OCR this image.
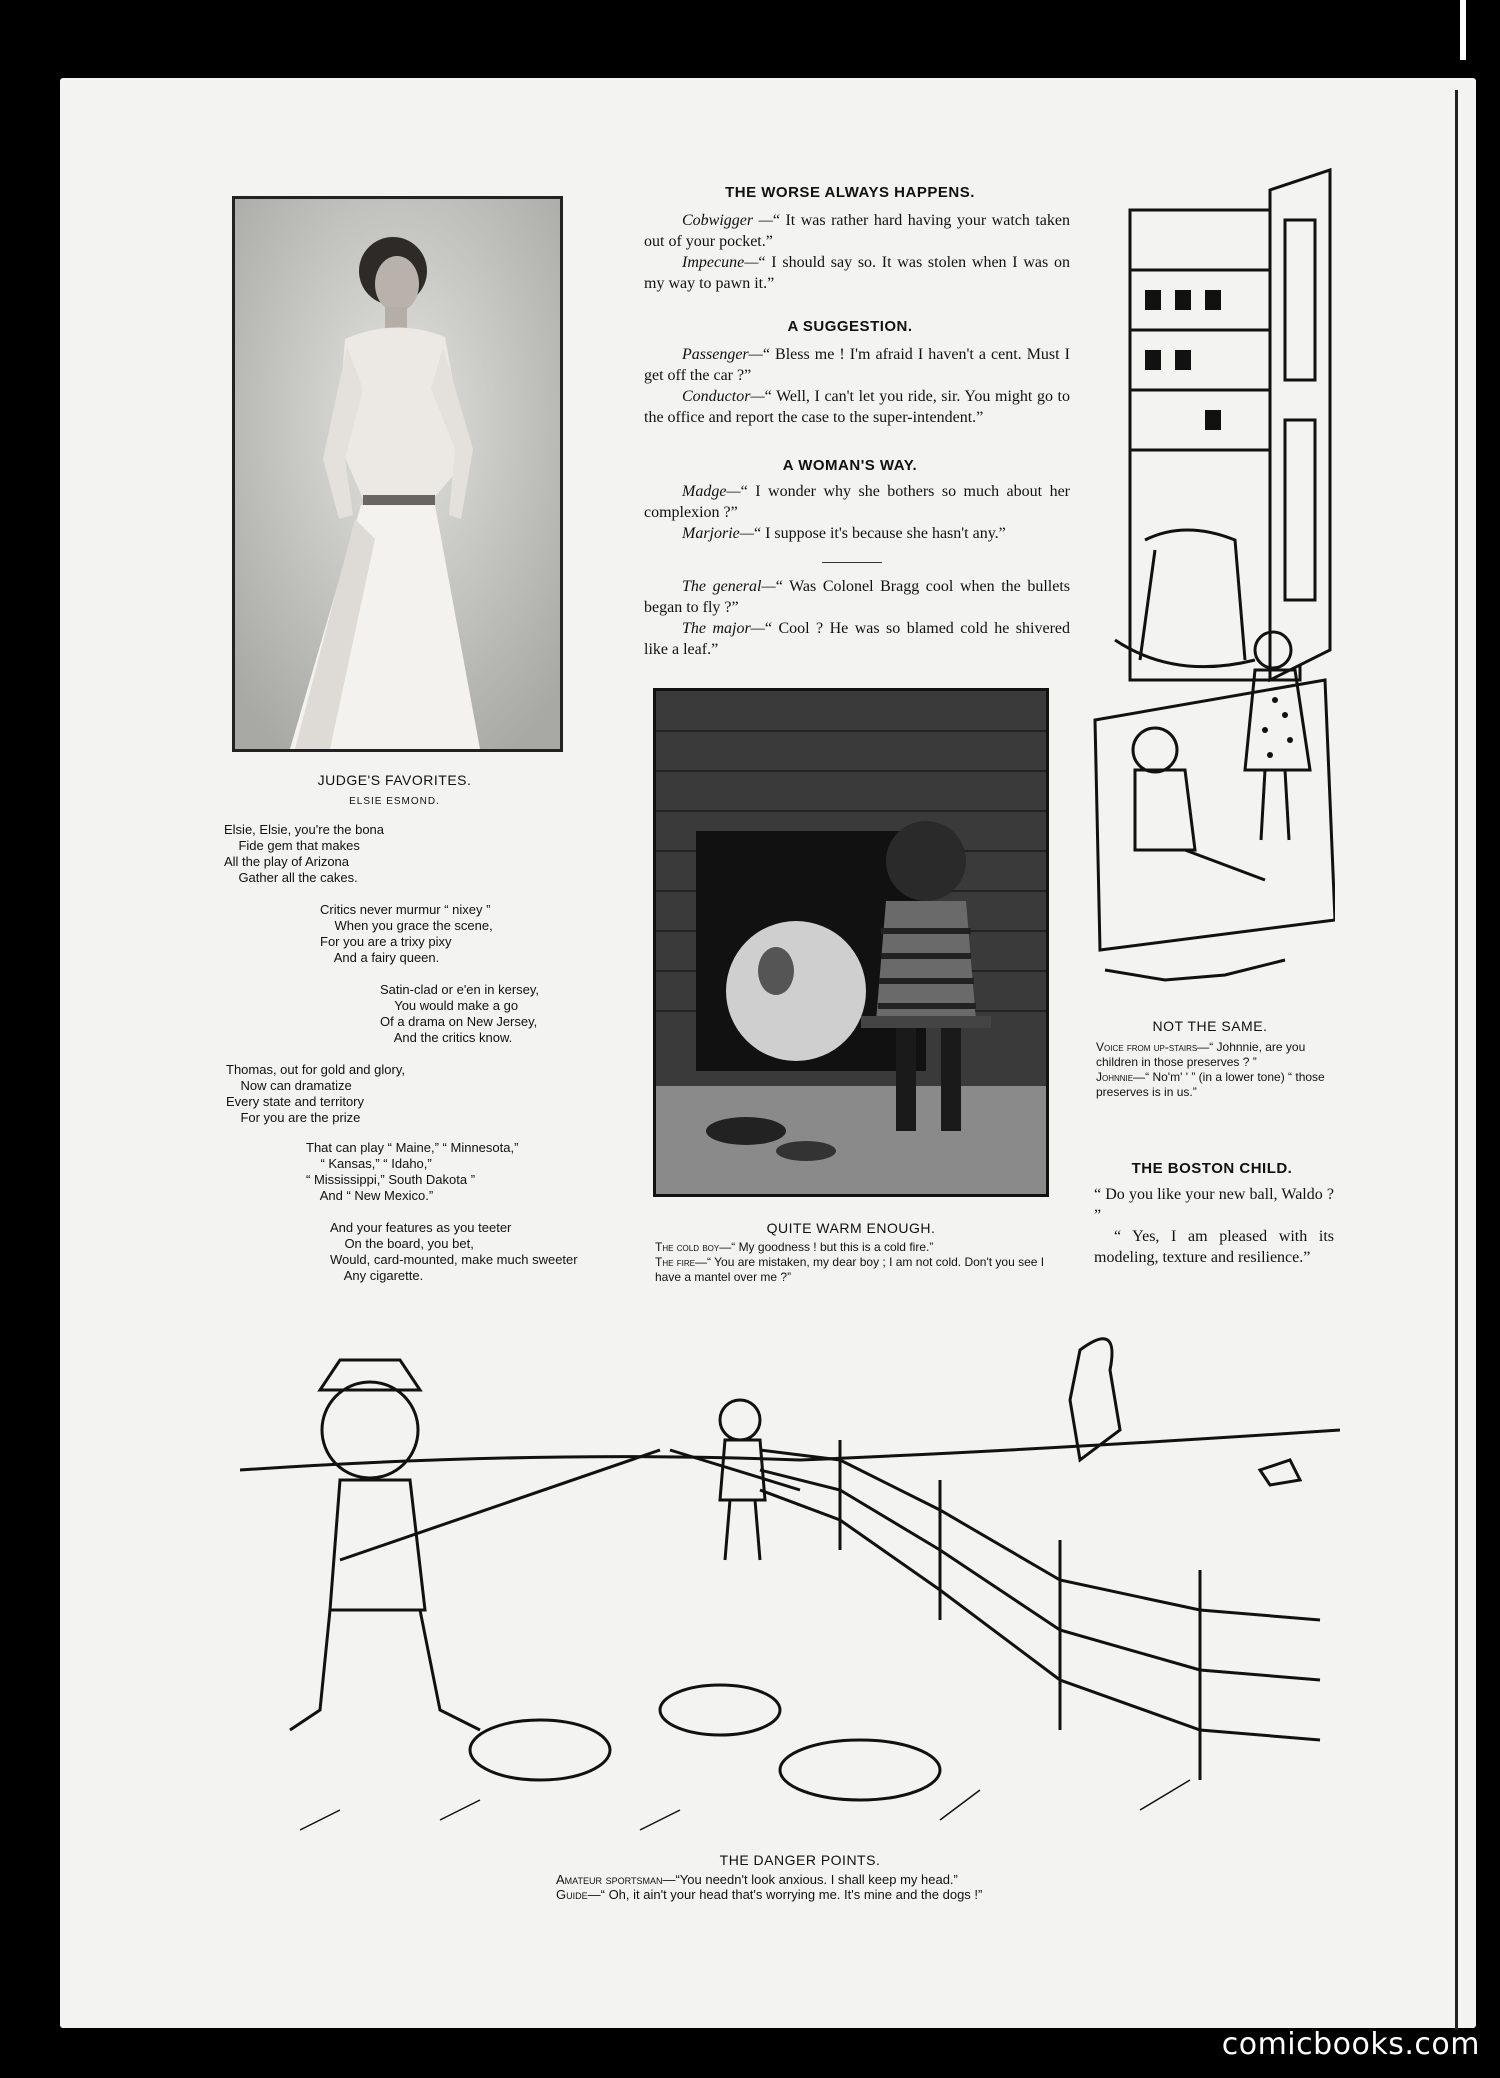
THE WORSE ALWAYS HAPPENS.
Cobwigger —“ It was rather hard having your watch taken out of your pocket.”
Impecune—“ I should say so. It was stolen when I was on my way to pawn it.”
A SUGGESTION.
Passenger—“ Bless me ! I'm afraid I haven't a cent. Must I get off the car ?”
Conductor—“ Well, I can't let you ride, sir. You might go to the office and report the case to the super-intendent.”
A WOMAN'S WAY.
Madge—“ I wonder why she bothers so much about her complexion ?”
Marjorie—“ I suppose it's because she hasn't any.”
The general—“ Was Colonel Bragg cool when the bullets began to fly ?”
The major—“ Cool ? He was so blamed cold he shivered like a leaf.”
JUDGE'S FAVORITES.
ELSIE ESMOND.
Elsie, Elsie, you're the bona
Fide gem that makes
All the play of Arizona
Gather all the cakes.
Critics never murmur “ nixey ”
When you grace the scene,
For you are a trixy pixy
And a fairy queen.
Satin-clad or e'en in kersey,
You would make a go
Of a drama on New Jersey,
And the critics know.
Thomas, out for gold and glory,
Now can dramatize
Every state and territory
For you are the prize
That can play “ Maine,” “ Minnesota,”
“ Kansas,” “ Idaho,”
“ Mississippi,” South Dakota ”
And “ New Mexico.”
And your features as you teeter
On the board, you bet,
Would, card-mounted, make much sweeter
Any cigarette.
QUITE WARM ENOUGH.
The cold boy—“ My goodness ! but this is a cold fire.”
The fire—“ You are mistaken, my dear boy ; I am not cold. Don't you see I have a mantel over me ?”
NOT THE SAME.
Voice from up-stairs—“ Johnnie, are you children in those preserves ? ”
Johnnie—“ No'm' ' ” (in a lower tone) “ those preserves is in us.”
THE BOSTON CHILD.
“ Do you like your new ball, Waldo ? ”
“ Yes, I am pleased with its modeling, texture and resilience.”
THE DANGER POINTS.
Amateur sportsman—“You needn't look anxious. I shall keep my head.”
Guide—“ Oh, it ain't your head that's worrying me. It's mine and the dogs !”
comicbooks.com
